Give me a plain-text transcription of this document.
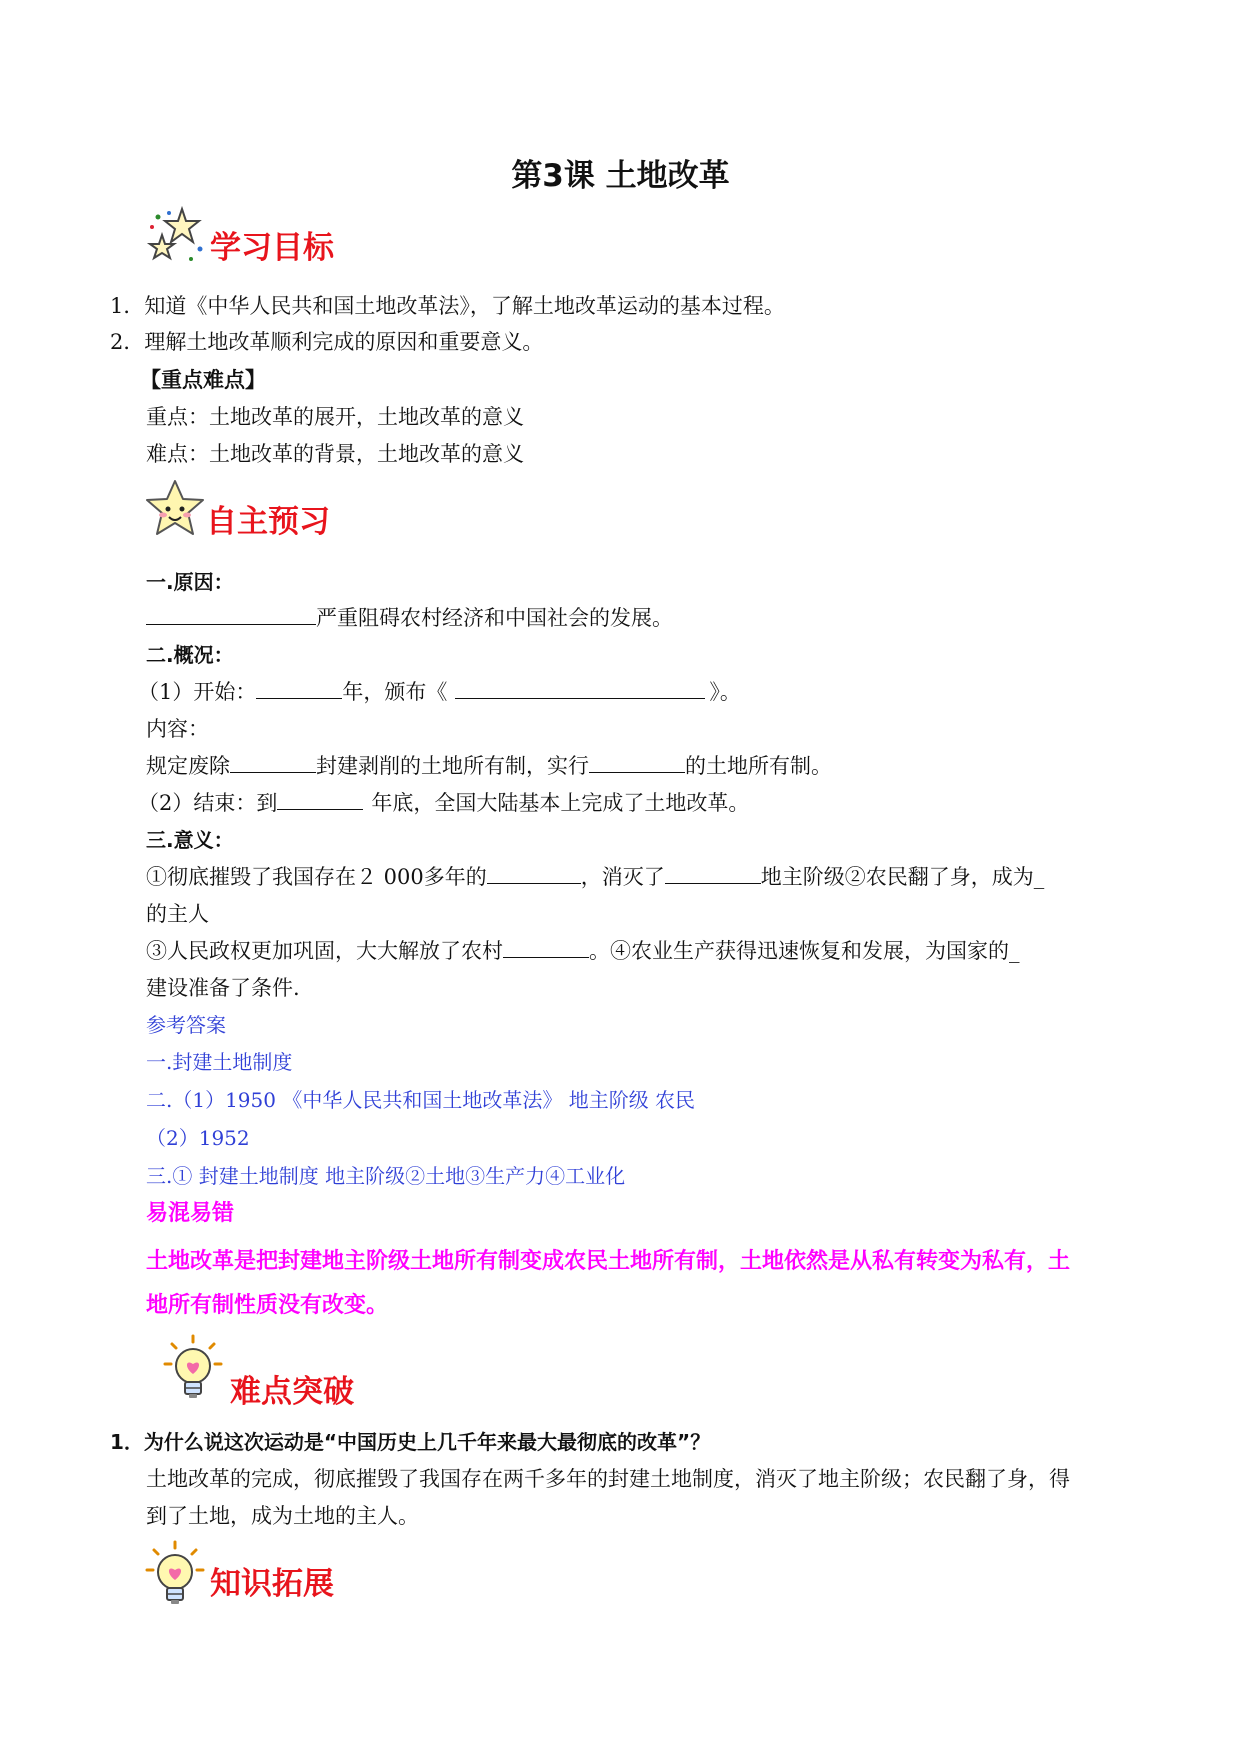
第3课 土地改革
学习目标
1．知道《中华人民共和国土地改革法》，了解土地改革运动的基本过程。
2．理解土地改革顺利完成的原因和重要意义。
【重点难点】
重点：土地改革的展开，土地改革的意义
难点：土地改革的背景，土地改革的意义
自主预习
一.原因：
严重阻碍农村经济和中国社会的发展。
二.概况：
（1）开始：	年，颁布《	》。
内容：
规定废除	封建剥削的土地所有制，实行	的土地所有制。
（2）结束：到	年底，全国大陆基本上完成了土地改革。
三.意义：
①彻底摧毁了我国存在２ 000多年的	，消灭了	地主阶级②农民翻了身，成为_
的主人
③人民政权更加巩固，大大解放了农村	。④农业生产获得迅速恢复和发展，为国家的_
建设准备了条件.
参考答案
一.封建土地制度
二.（1）1950 《中华人民共和国土地改革法》 地主阶级 农民
（2）1952
三.① 封建土地制度 地主阶级②土地③生产力④工业化
易混易错
土地改革是把封建地主阶级土地所有制变成农民土地所有制，土地依然是从私有转变为私有，土
地所有制性质没有改变。
难点突破
1．为什么说这次运动是“中国历史上几千年来最大最彻底的改革”？
土地改革的完成，彻底摧毁了我国存在两千多年的封建土地制度，消灭了地主阶级；农民翻了身，得
到了土地，成为土地的主人。
知识拓展
